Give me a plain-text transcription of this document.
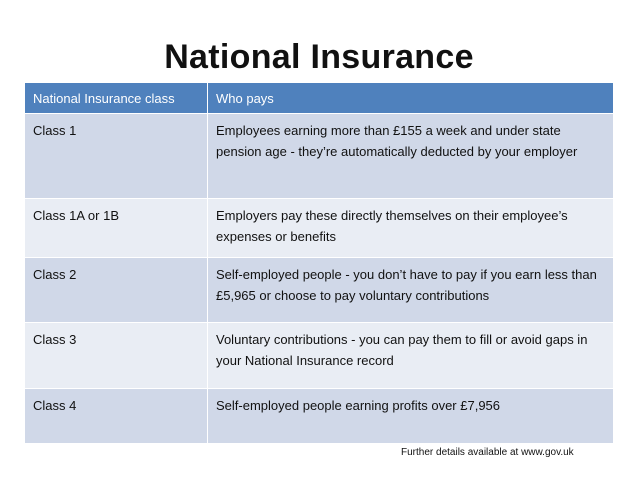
National Insurance
National Insurance class	Who pays
Class 1	Employees earning more than £155 a week and under state pension age - they’re automatically deducted by your employer
Class 1A or 1B	Employers pay these directly themselves on their employee’s expenses or benefits
Class 2	Self-employed people - you don’t have to pay if you earn less than £5,965 or choose to pay voluntary contributions
Class 3	Voluntary contributions - you can pay them to fill or avoid gaps in your National Insurance record
Class 4	Self-employed people earning profits over £7,956
Further details available at www.gov.uk
